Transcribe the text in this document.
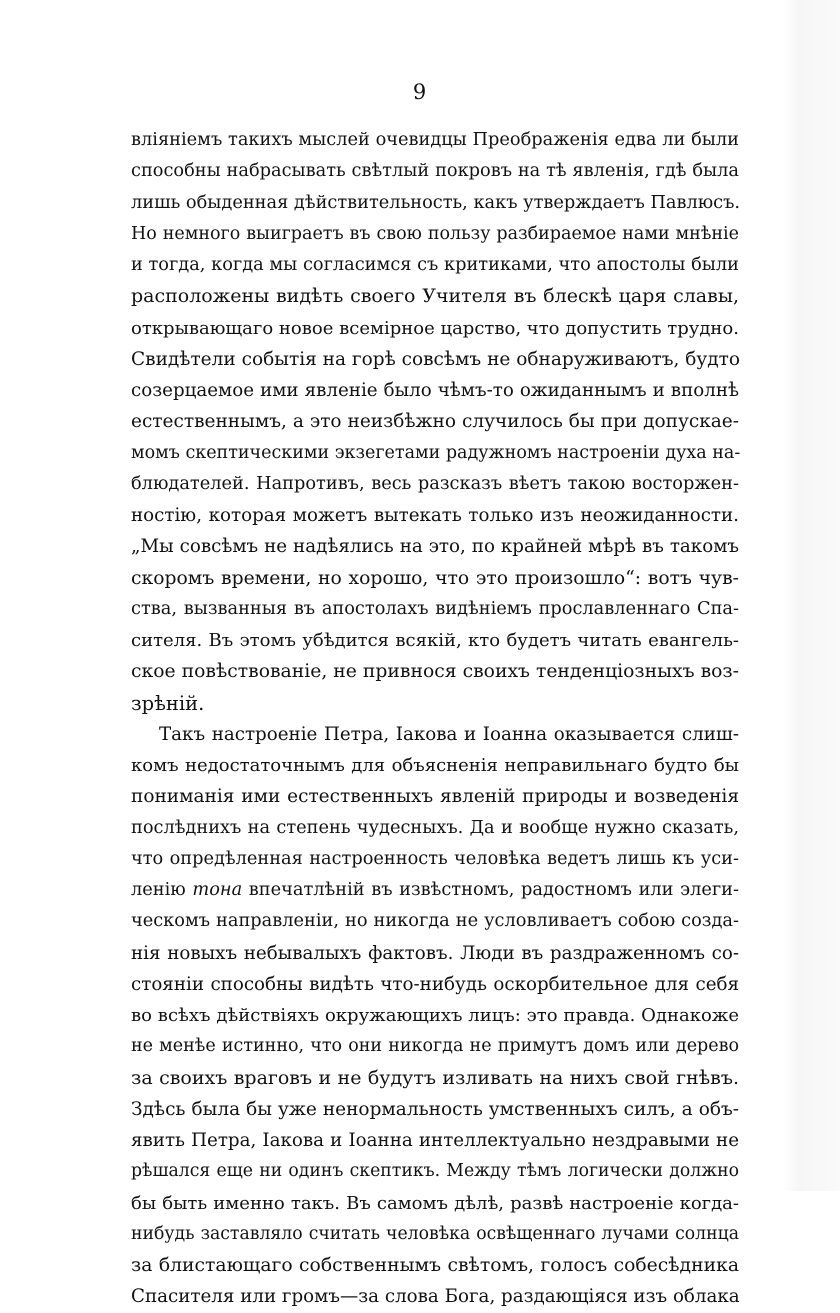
9
вліяніемъ такихъ мыслей очевидцы Преображенія едва ли были
способны набрасывать свѣтлый покровъ на тѣ явленія, гдѣ была
лишь обыденная дѣйствительность, какъ утверждаетъ Павлюсъ.
Но немного выиграетъ въ свою пользу разбираемое нами мнѣніе
и тогда, когда мы согласимся съ критиками, что апостолы были
расположены видѣть своего Учителя въ блескѣ царя славы,
открывающаго новое всемірное царство, что допустить трудно.
Свидѣтели событія на горѣ совсѣмъ не обнаруживаютъ, будто
созерцаемое ими явленіе было чѣмъ-то ожиданнымъ и вполнѣ
естественнымъ, а это неизбѣжно случилось бы при допускае-
момъ скептическими экзегетами радужномъ настроеніи духа на-
блюдателей. Напротивъ, весь разсказъ вѣетъ такою восторжен-
ностію, которая можетъ вытекать только изъ неожиданности.
„Мы совсѣмъ не надѣялись на это, по крайней мѣрѣ въ такомъ
скоромъ времени, но хорошо, что это произошло“: вотъ чув-
ства, вызванныя въ апостолахъ видѣніемъ прославленнаго Спа-
сителя. Въ этомъ убѣдится всякій, кто будетъ читать евангель-
ское повѣствованіе, не привнося своихъ тенденціозныхъ воз-
зрѣній.
Такъ настроеніе Петра, Іакова и Іоанна оказывается слиш-
комъ недостаточнымъ для объясненія неправильнаго будто бы
пониманія ими естественныхъ явленій природы и возведенія
послѣднихъ на степень чудесныхъ. Да и вообще нужно сказать,
что опредѣленная настроенность человѣка ведетъ лишь къ уси-
ленію тона впечатлѣній въ извѣстномъ, радостномъ или элеги-
ческомъ направленіи, но никогда не условливаетъ собою созда-
нія новыхъ небывалыхъ фактовъ. Люди въ раздраженномъ со-
стояніи способны видѣть что-нибудь оскорбительное для себя
во всѣхъ дѣйствіяхъ окружающихъ лицъ: это правда. Однакоже
не менѣе истинно, что они никогда не примутъ домъ или дерево
за своихъ враговъ и не будутъ изливать на нихъ свой гнѣвъ.
Здѣсь была бы уже ненормальность умственныхъ силъ, а объ-
явить Петра, Іакова и Іоанна интеллектуально нездравыми не
рѣшался еще ни одинъ скептикъ. Между тѣмъ логически должно
бы быть именно такъ. Въ самомъ дѣлѣ, развѣ настроеніе когда-
нибудь заставляло считать человѣка освѣщеннаго лучами солнца
за блистающаго собственнымъ свѣтомъ, голосъ собесѣдника
Спасителя или громъ—за слова Бога, раздающіяся изъ облака
